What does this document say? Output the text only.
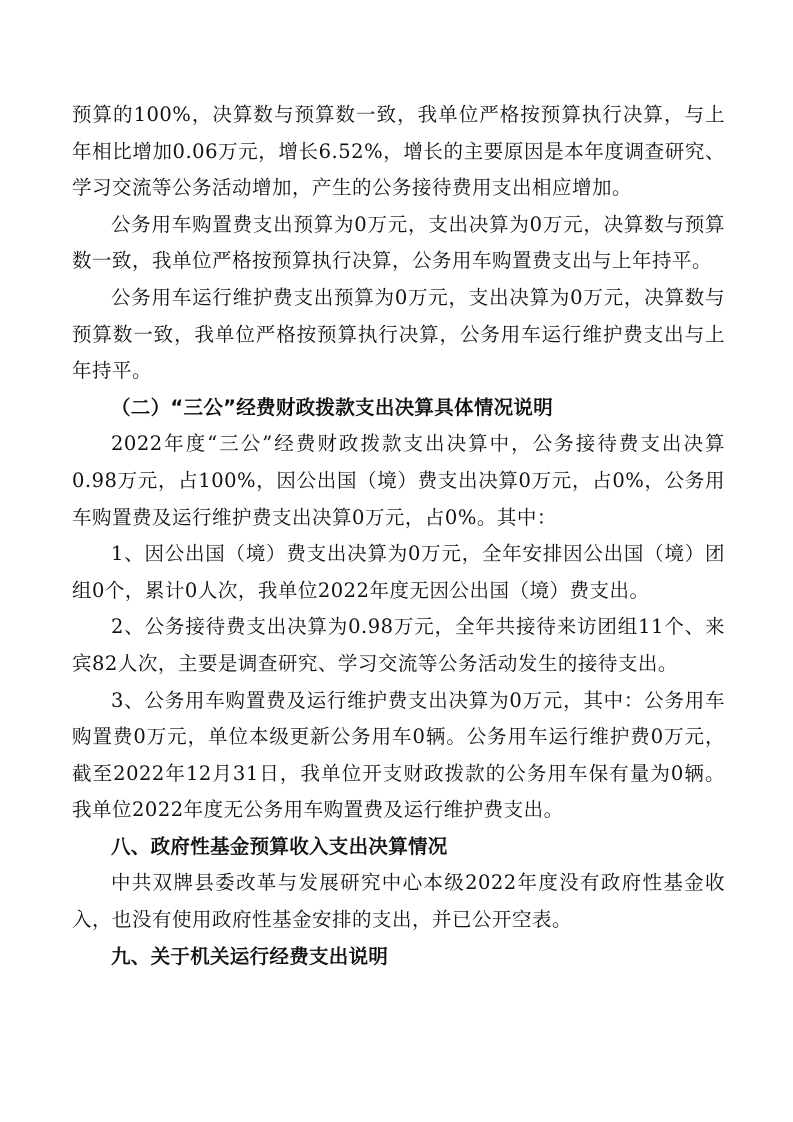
预算的100%，决算数与预算数一致，我单位严格按预算执行决算，与上年相比增加0.06万元，增长6.52%，增长的主要原因是本年度调查研究、学习交流等公务活动增加，产生的公务接待费用支出相应增加。

公务用车购置费支出预算为0万元，支出决算为0万元，决算数与预算数一致，我单位严格按预算执行决算，公务用车购置费支出与上年持平。

公务用车运行维护费支出预算为0万元，支出决算为0万元，决算数与预算数一致，我单位严格按预算执行决算，公务用车运行维护费支出与上年持平。

（二）“三公”经费财政拨款支出决算具体情况说明

2022年度“三公”经费财政拨款支出决算中，公务接待费支出决算0.98万元，占100%，因公出国（境）费支出决算0万元，占0%，公务用车购置费及运行维护费支出决算0万元，占0%。其中：

1、因公出国（境）费支出决算为0万元，全年安排因公出国（境）团组0个，累计0人次，我单位2022年度无因公出国（境）费支出。

2、公务接待费支出决算为0.98万元，全年共接待来访团组11个、来宾82人次，主要是调查研究、学习交流等公务活动发生的接待支出。

3、公务用车购置费及运行维护费支出决算为0万元，其中：公务用车购置费0万元，单位本级更新公务用车0辆。公务用车运行维护费0万元，截至2022年12月31日，我单位开支财政拨款的公务用车保有量为0辆。我单位2022年度无公务用车购置费及运行维护费支出。

八、政府性基金预算收入支出决算情况

中共双牌县委改革与发展研究中心本级2022年度没有政府性基金收入，也没有使用政府性基金安排的支出，并已公开空表。

九、关于机关运行经费支出说明
